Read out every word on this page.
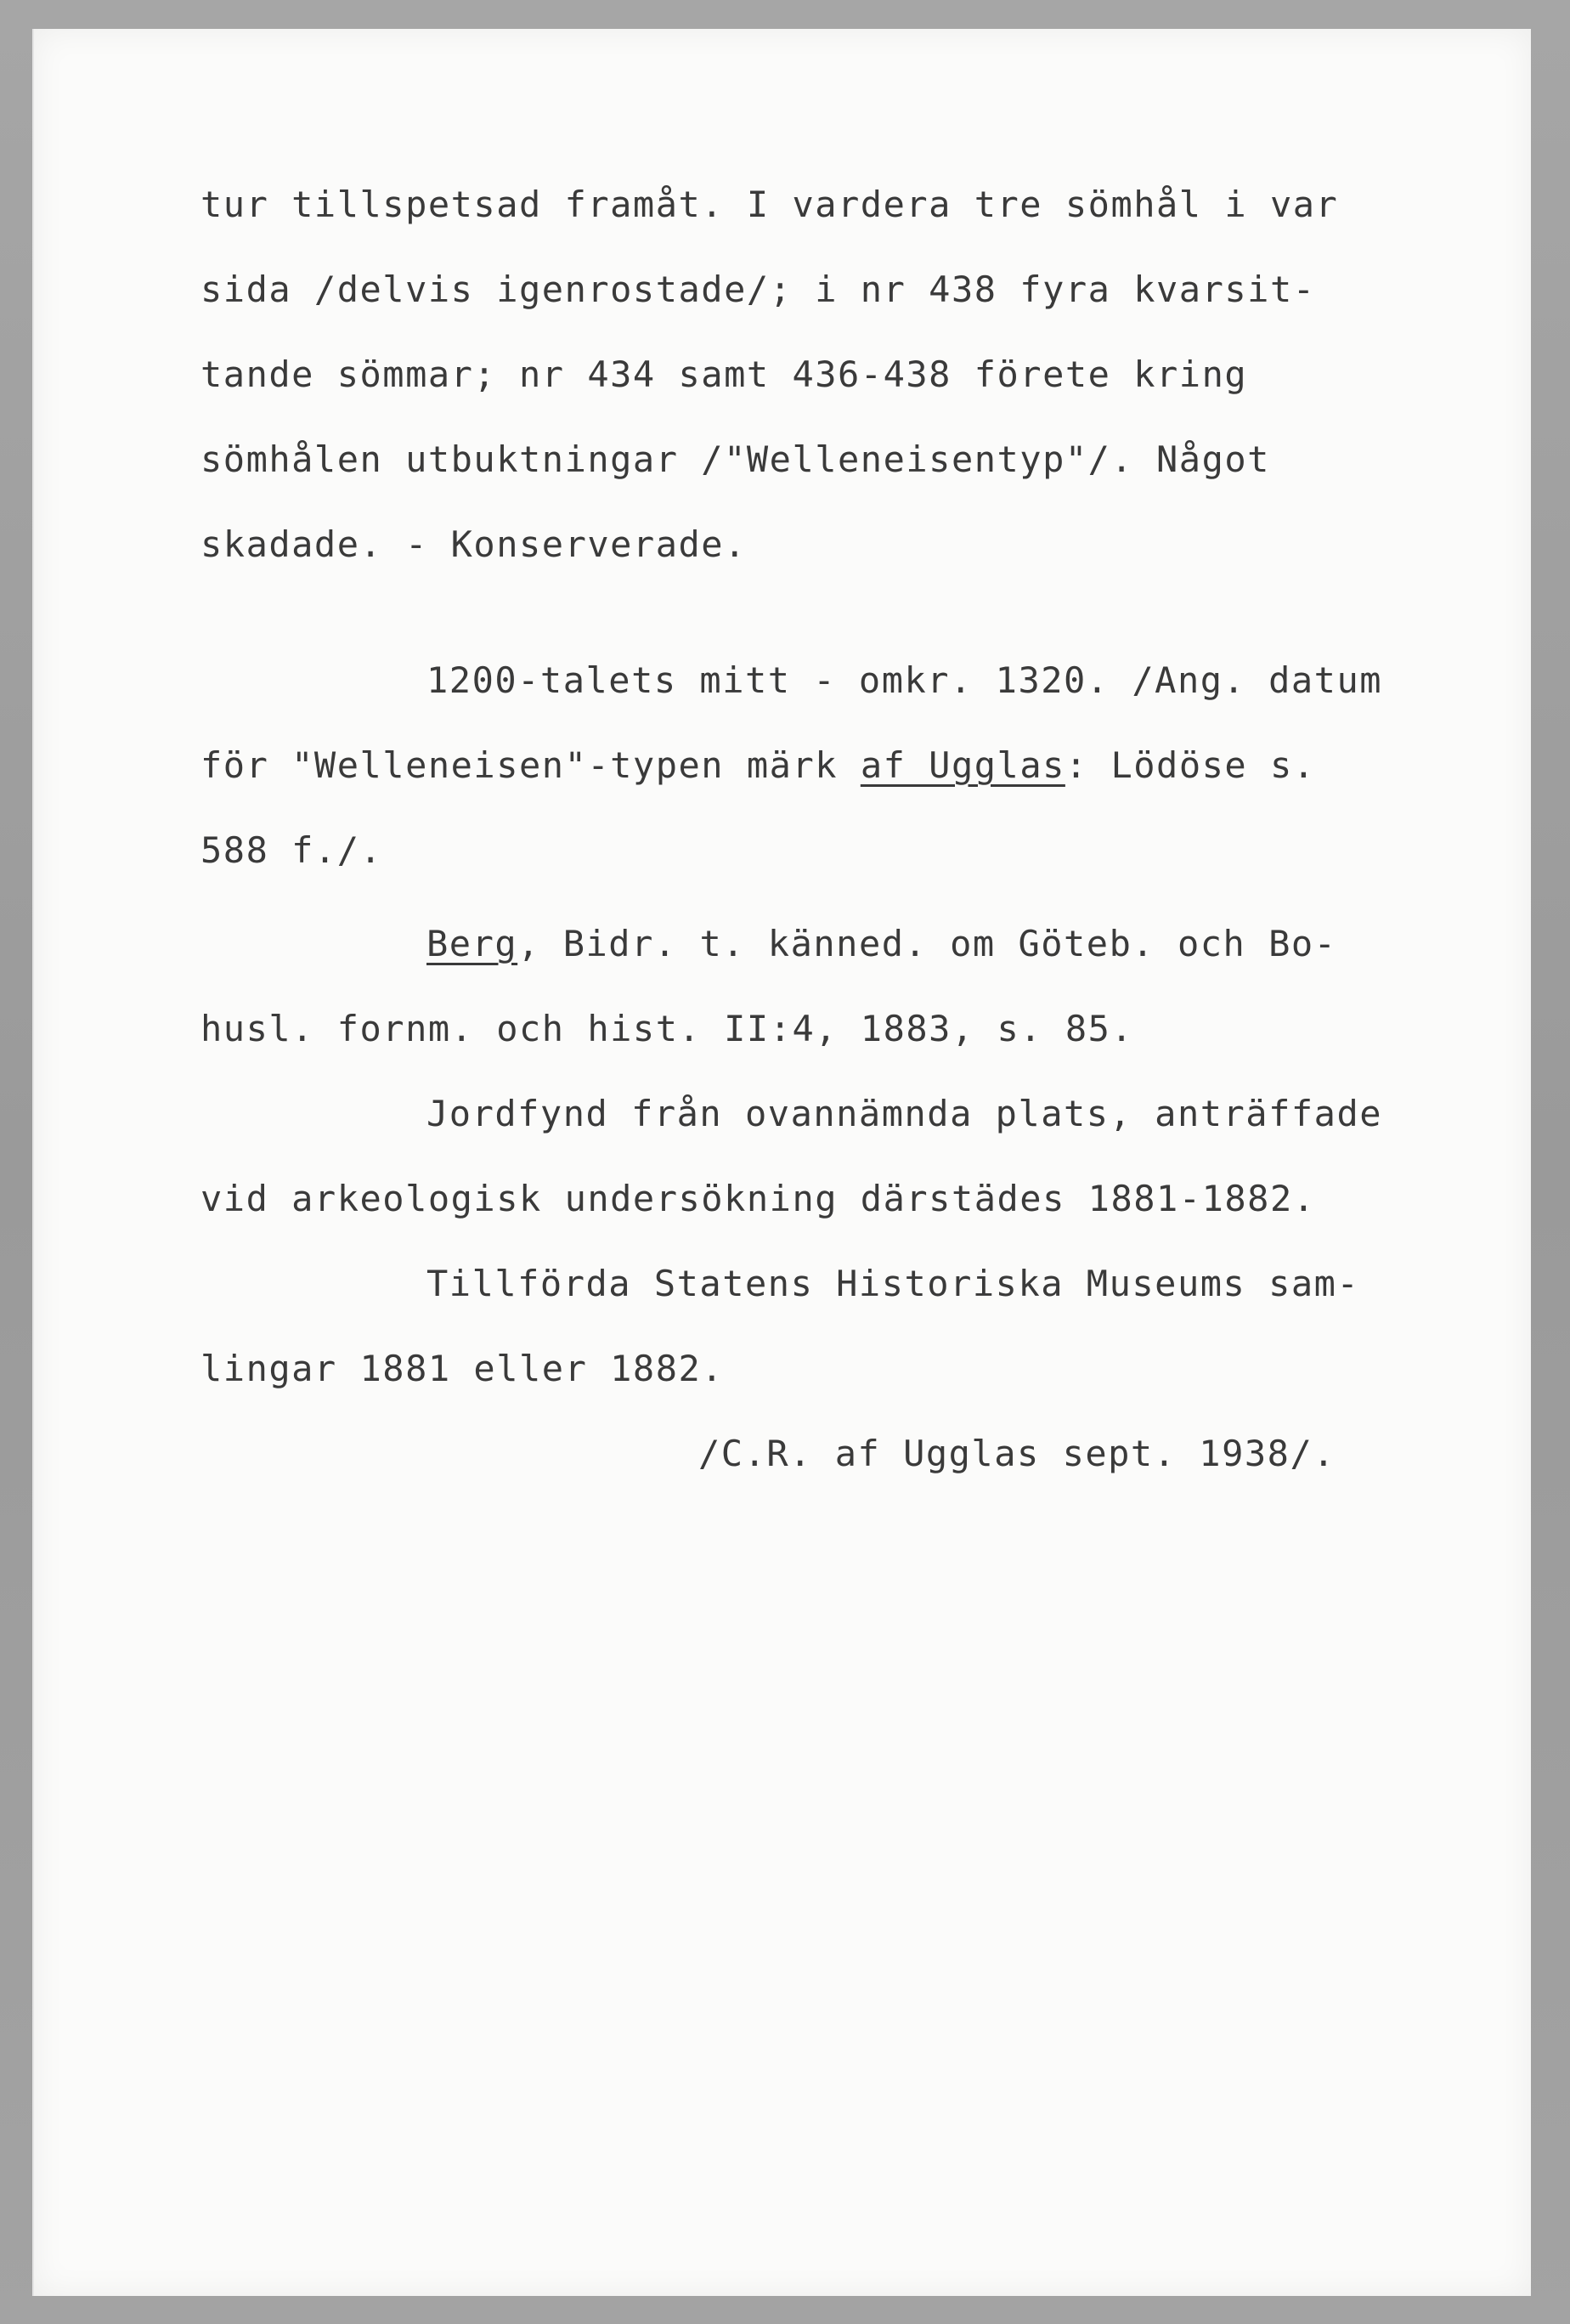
tur tillspetsad framåt. I vardera tre sömhål i var
sida /delvis igenrostade/; i nr 438 fyra kvarsit-
tande sömmar; nr 434 samt 436-438 förete kring
sömhålen utbuktningar /"Welleneisentyp"/. Något
skadade. - Konserverade.
1200-talets mitt - omkr. 1320. /Ang. datum
för "Welleneisen"-typen märk af Ugglas: Lödöse s.
588 f./.
Berg, Bidr. t. känned. om Göteb. och Bo-
husl. fornm. och hist. II:4, 1883, s. 85.
Jordfynd från ovannämnda plats, anträffade
vid arkeologisk undersökning därstädes 1881-1882.
Tillförda Statens Historiska Museums sam-
lingar 1881 eller 1882.
/C.R. af Ugglas sept. 1938/.
